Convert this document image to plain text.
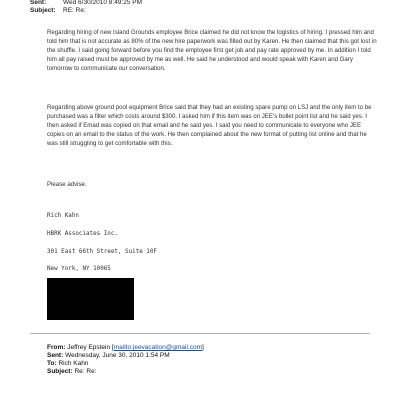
Sent:	Wed 6/30/2010 8:49:25 PM
Subject: RE: Re:

Regarding hiring of new Island Grounds employee Brice claimed he did not know the logistics of hiring. I pressed him and told him that is not accurate as 80% of the new hire paperwork was filled out by Karen. He then claimed that this got lost in the shuffle. I said going forward before you find the employee first get job and pay rate approved by me. In addition I told him all pay raised must be approved by me as well. He said he understood and would speak with Karen and Gary tomorrow to communicate our conversation.

Regarding above ground pool equipment Brice said that they had an existing spare pump on LSJ and the only item to be purchased was a filter which costs around $300. I asked him if this item was on JEE's bullet point list and he said yes. I then asked if Emad was copied on that email and he said yes. I said you need to communicate to everyone who JEE copies on an email to the status of the work. He then complained about the new format of putting list online and that he was still struggling to get comfortable with this.

Please advise.

Rich Kahn
HBRK Associates Inc.
301 East 66th Street, Suite 10F
New York, NY 10065
From: Jeffrey Epstein [mailto:jeevacation@gmail.com]
Sent: Wednesday, June 30, 2010 1:54 PM
To: Rich Kahn
Subject: Re: Re:
